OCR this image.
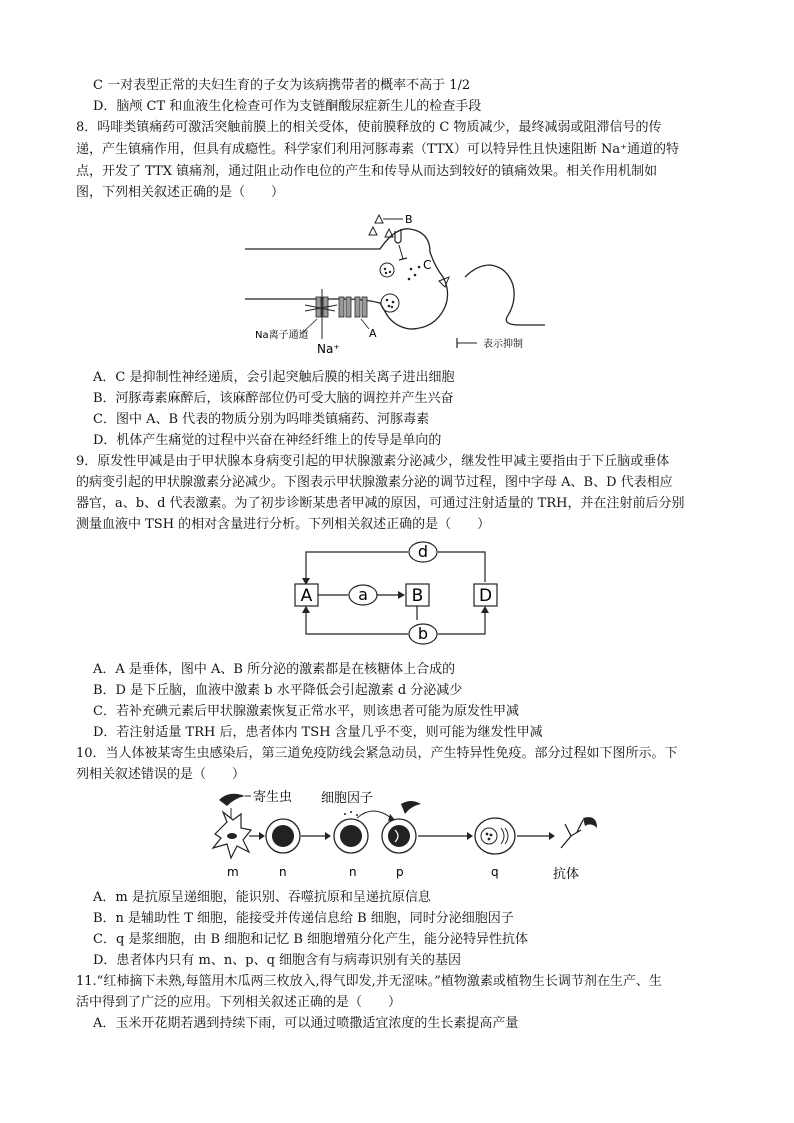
C 一对表型正常的夫妇生育的子女为该病携带者的概率不高于 1/2
D．脑颅 CT 和血液生化检查可作为支链酮酸尿症新生儿的检查手段
8．吗啡类镇痛药可激活突触前膜上的相关受体，使前膜释放的 C 物质减少，最终减弱或阻滞信号的传
递，产生镇痛作用，但具有成瘾性。科学家们利用河豚毒素（TTX）可以特异性且快速阻断 Na⁺通道的特
点，开发了 TTX 镇痛剂，通过阻止动作电位的产生和传导从而达到较好的镇痛效果。相关作用机制如
图，下列相关叙述正确的是（　　）
B
C
Na离子通道
Na⁺
A
表示抑制
A．C 是抑制性神经递质，会引起突触后膜的相关离子进出细胞
B．河豚毒素麻醉后，该麻醉部位仍可受大脑的调控并产生兴奋
C．图中 A、B 代表的物质分别为吗啡类镇痛药、河豚毒素
D．机体产生痛觉的过程中兴奋在神经纤维上的传导是单向的
9．原发性甲减是由于甲状腺本身病变引起的甲状腺激素分泌减少，继发性甲减主要指由于下丘脑或垂体
的病变引起的甲状腺激素分泌减少。下图表示甲状腺激素分泌的调节过程，图中字母 A、B、D 代表相应
器官，a、b、d 代表激素。为了初步诊断某患者甲减的原因，可通过注射适量的 TRH，并在注射前后分别
测量血液中 TSH 的相对含量进行分析。下列相关叙述正确的是（　　）
d
a
A	B	D
b
A．A 是垂体，图中 A、B 所分泌的激素都是在核糖体上合成的
B．D 是下丘脑，血液中激素 b 水平降低会引起激素 d 分泌减少
C．若补充碘元素后甲状腺激素恢复正常水平，则该患者可能为原发性甲减
D．若注射适量 TRH 后，患者体内 TSH 含量几乎不变，则可能为继发性甲减
10．当人体被某寄生虫感染后，第三道免疫防线会紧急动员，产生特异性免疫。部分过程如下图所示。下
列相关叙述错误的是（　　）
寄生虫
m	n
细胞因子
n	p	q	抗体
A．m 是抗原呈递细胞，能识别、吞噬抗原和呈递抗原信息
B．n 是辅助性 T 细胞，能接受并传递信息给 B 细胞，同时分泌细胞因子
C．q 是浆细胞，由 B 细胞和记忆 B 细胞增殖分化产生，能分泌特异性抗体
D．患者体内只有 m、n、p、q 细胞含有与病毒识别有关的基因
11.“红柿摘下未熟,每篮用木瓜两三枚放入,得气即发,并无涩味。”植物激素或植物生长调节剂在生产、生
活中得到了广泛的应用。下列相关叙述正确的是（　　）
A．玉米开花期若遇到持续下雨，可以通过喷撒适宜浓度的生长素提高产量
